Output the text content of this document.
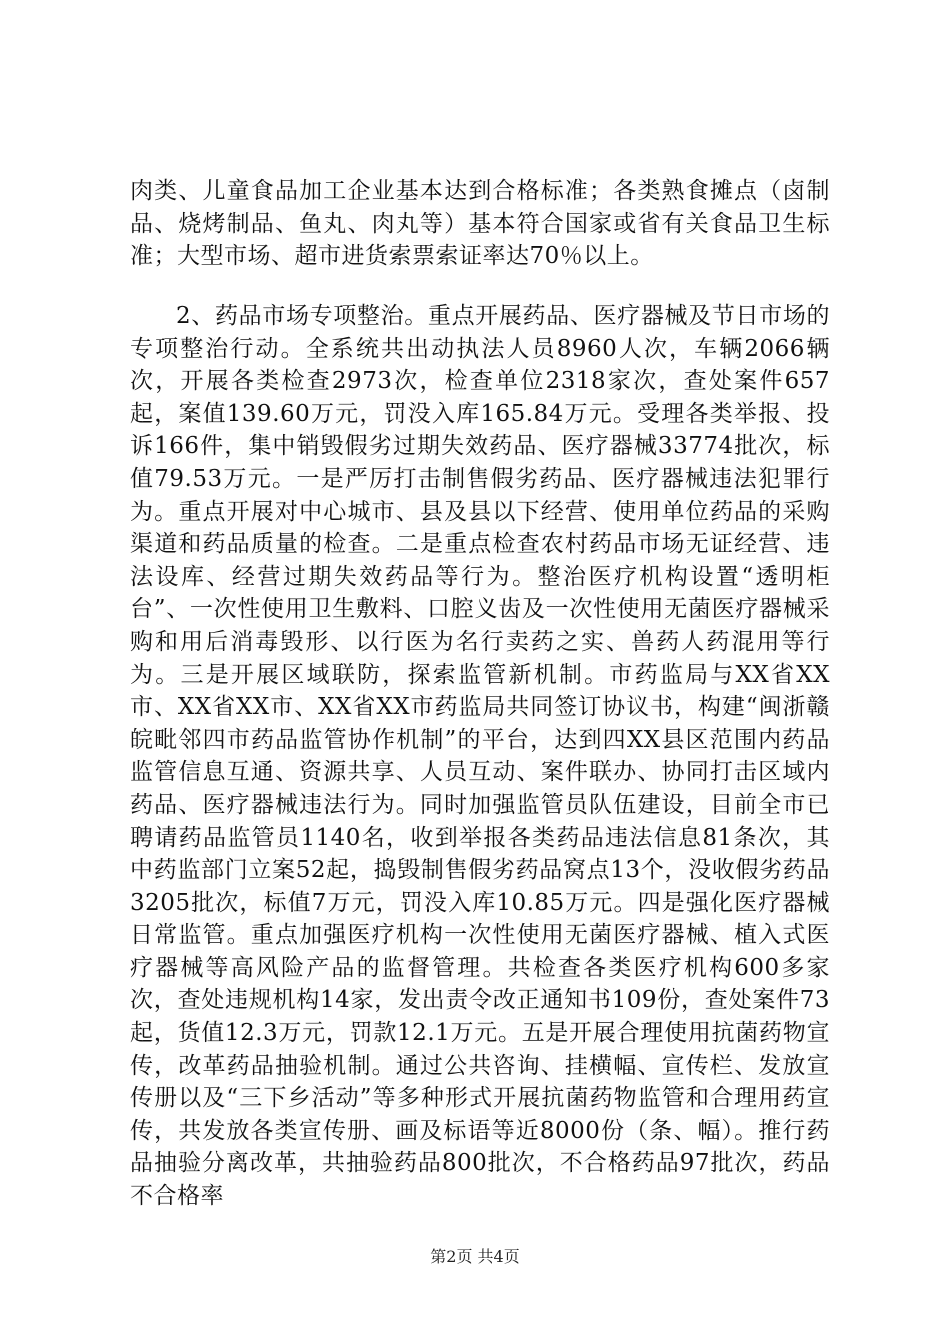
肉类、儿童食品加工企业基本达到合格标准；各类熟食摊点（卤制品、烧烤制品、鱼丸、肉丸等）基本符合国家或省有关食品卫生标准；大型市场、超市进货索票索证率达70％以上。

2、药品市场专项整治。重点开展药品、医疗器械及节日市场的专项整治行动。全系统共出动执法人员8960人次，车辆2066辆次，开展各类检查2973次，检查单位2318家次，查处案件657起，案值139.60万元，罚没入库165.84万元。受理各类举报、投诉166件，集中销毁假劣过期失效药品、医疗器械33774批次，标值79.53万元。一是严厉打击制售假劣药品、医疗器械违法犯罪行为。重点开展对中心城市、县及县以下经营、使用单位药品的采购渠道和药品质量的检查。二是重点检查农村药品市场无证经营、违法设库、经营过期失效药品等行为。整治医疗机构设置“透明柜台”、一次性使用卫生敷料、口腔义齿及一次性使用无菌医疗器械采购和用后消毒毁形、以行医为名行卖药之实、兽药人药混用等行为。三是开展区域联防，探索监管新机制。市药监局与XX省XX市、XX省XX市、XX省XX市药监局共同签订协议书，构建“闽浙赣皖毗邻四市药品监管协作机制”的平台，达到四XX县区范围内药品监管信息互通、资源共享、人员互动、案件联办、协同打击区域内药品、医疗器械违法行为。同时加强监管员队伍建设，目前全市已聘请药品监管员1140名，收到举报各类药品违法信息81条次，其中药监部门立案52起，捣毁制售假劣药品窝点13个，没收假劣药品3205批次，标值7万元，罚没入库10.85万元。四是强化医疗器械日常监管。重点加强医疗机构一次性使用无菌医疗器械、植入式医疗器械等高风险产品的监督管理。共检查各类医疗机构600多家次，查处违规机构14家，发出责令改正通知书109份，查处案件73起，货值12.3万元，罚款12.1万元。五是开展合理使用抗菌药物宣传，改革药品抽验机制。通过公共咨询、挂横幅、宣传栏、发放宣传册以及“三下乡活动”等多种形式开展抗菌药物监管和合理用药宣传，共发放各类宣传册、画及标语等近8000份（条、幅）。推行药品抽验分离改革，共抽验药品800批次，不合格药品97批次，药品不合格率

第2页 共4页
